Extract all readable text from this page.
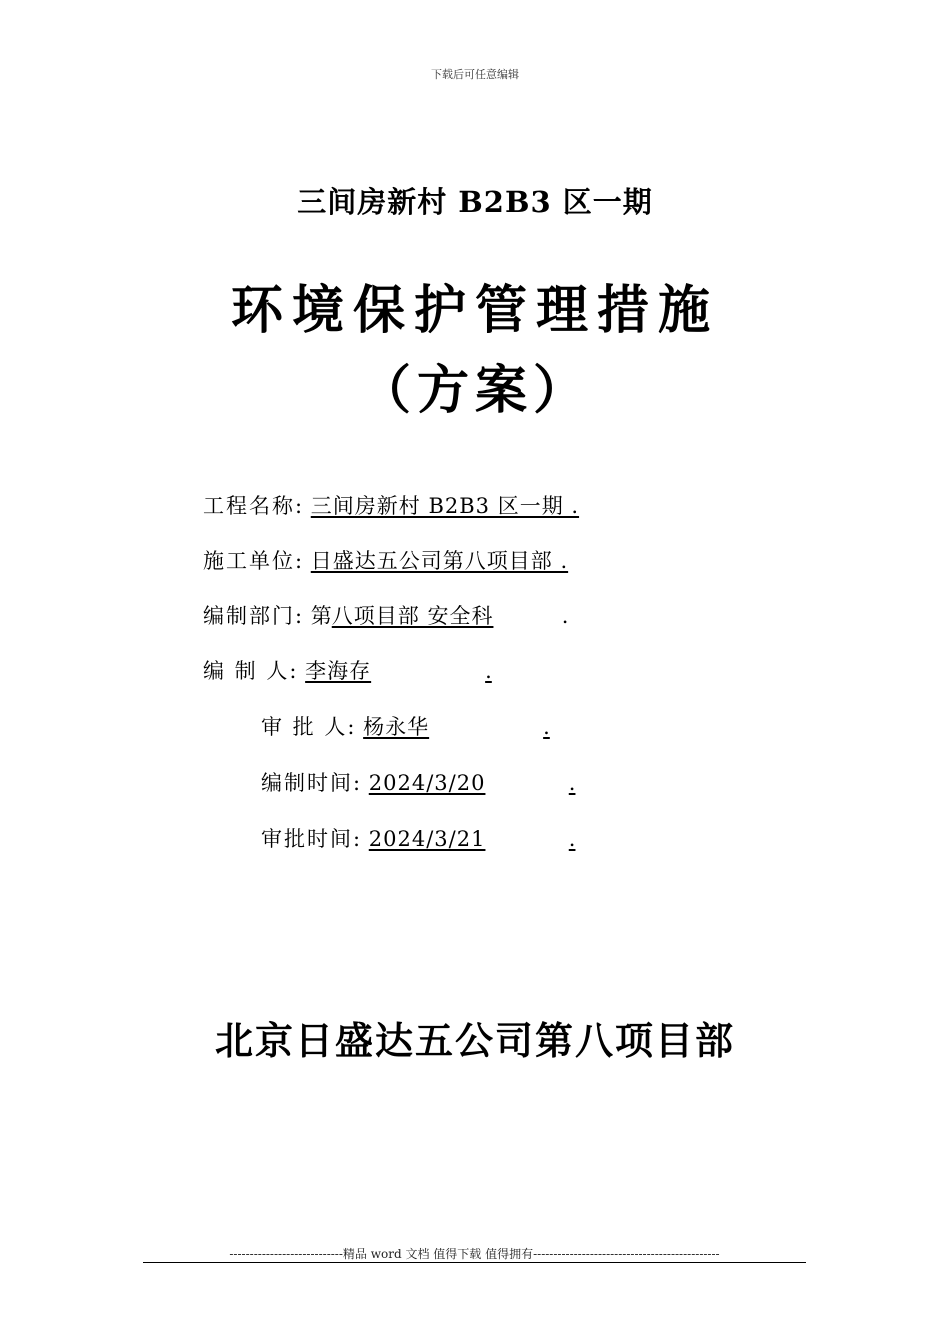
下载后可任意编辑
三间房新村 B2B3 区一期
环境保护管理措施
（方案）
工程名称: 三间房新村 B2B3 区一期 .
施工单位: 日盛达五公司第八项目部 .
编制部门: 第八项目部 安全科	.
编 制 人: 李海存	.
审 批 人: 杨永华	.
编制时间: 2024/3/20	.
审批时间: 2024/3/21	.
北京日盛达五公司第八项目部
----------------------------精品 word 文档 值得下载 值得拥有----------------------------------------------
